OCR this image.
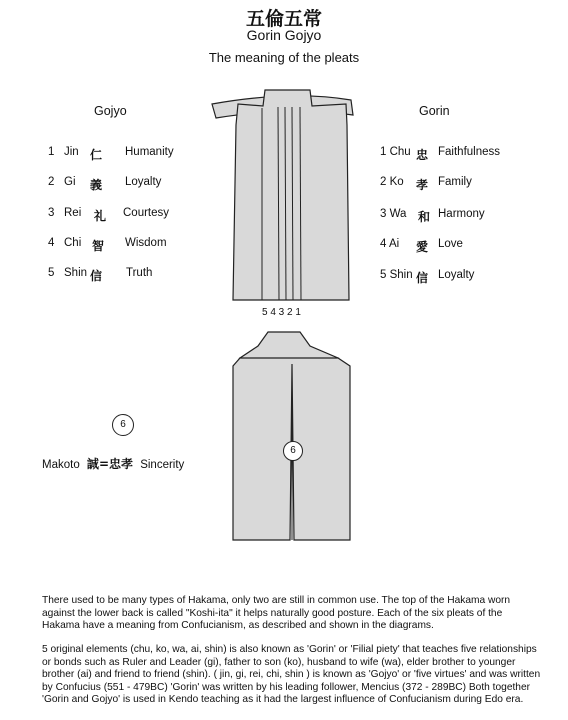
五倫五常
Gorin Gojyo
The meaning of the pleats
Gojyo
1 Jin 仁 Humanity
2 Gi 義 Loyalty
3 Rei 礼 Courtesy
4 Chi 智 Wisdom
5 Shin 信 Truth
Gorin
1 Chu 忠 Faithfulness
2 Ko 孝 Family
3 Wa 和 Harmony
4 Ai 愛 Love
5 Shin 信 Loyalty
5 4 3 2 1
6
6
Makoto 誠=忠孝 Sincerity
There used to be many types of Hakama, only two are still in common use. The top of the Hakama worn against the lower back is called "Koshi-ita" it helps naturally good posture. Each of the six pleats of the Hakama have a meaning from Confucianism, as described and shown in the diagrams.
5 original elements (chu, ko, wa, ai, shin) is also known as 'Gorin' or 'Filial piety' that teaches five relationships or bonds such as Ruler and Leader (gi), father to son (ko), husband to wife (wa), elder brother to younger brother (ai) and friend to friend (shin). ( jin, gi, rei, chi, shin ) is known as 'Gojyo' or 'five virtues' and was written by Confucius (551 - 479BC) 'Gorin' was written by his leading follower, Mencius (372 - 289BC) Both together 'Gorin and Gojyo' is used in Kendo teaching as it had the largest influence of Confucianism during Edo era.
